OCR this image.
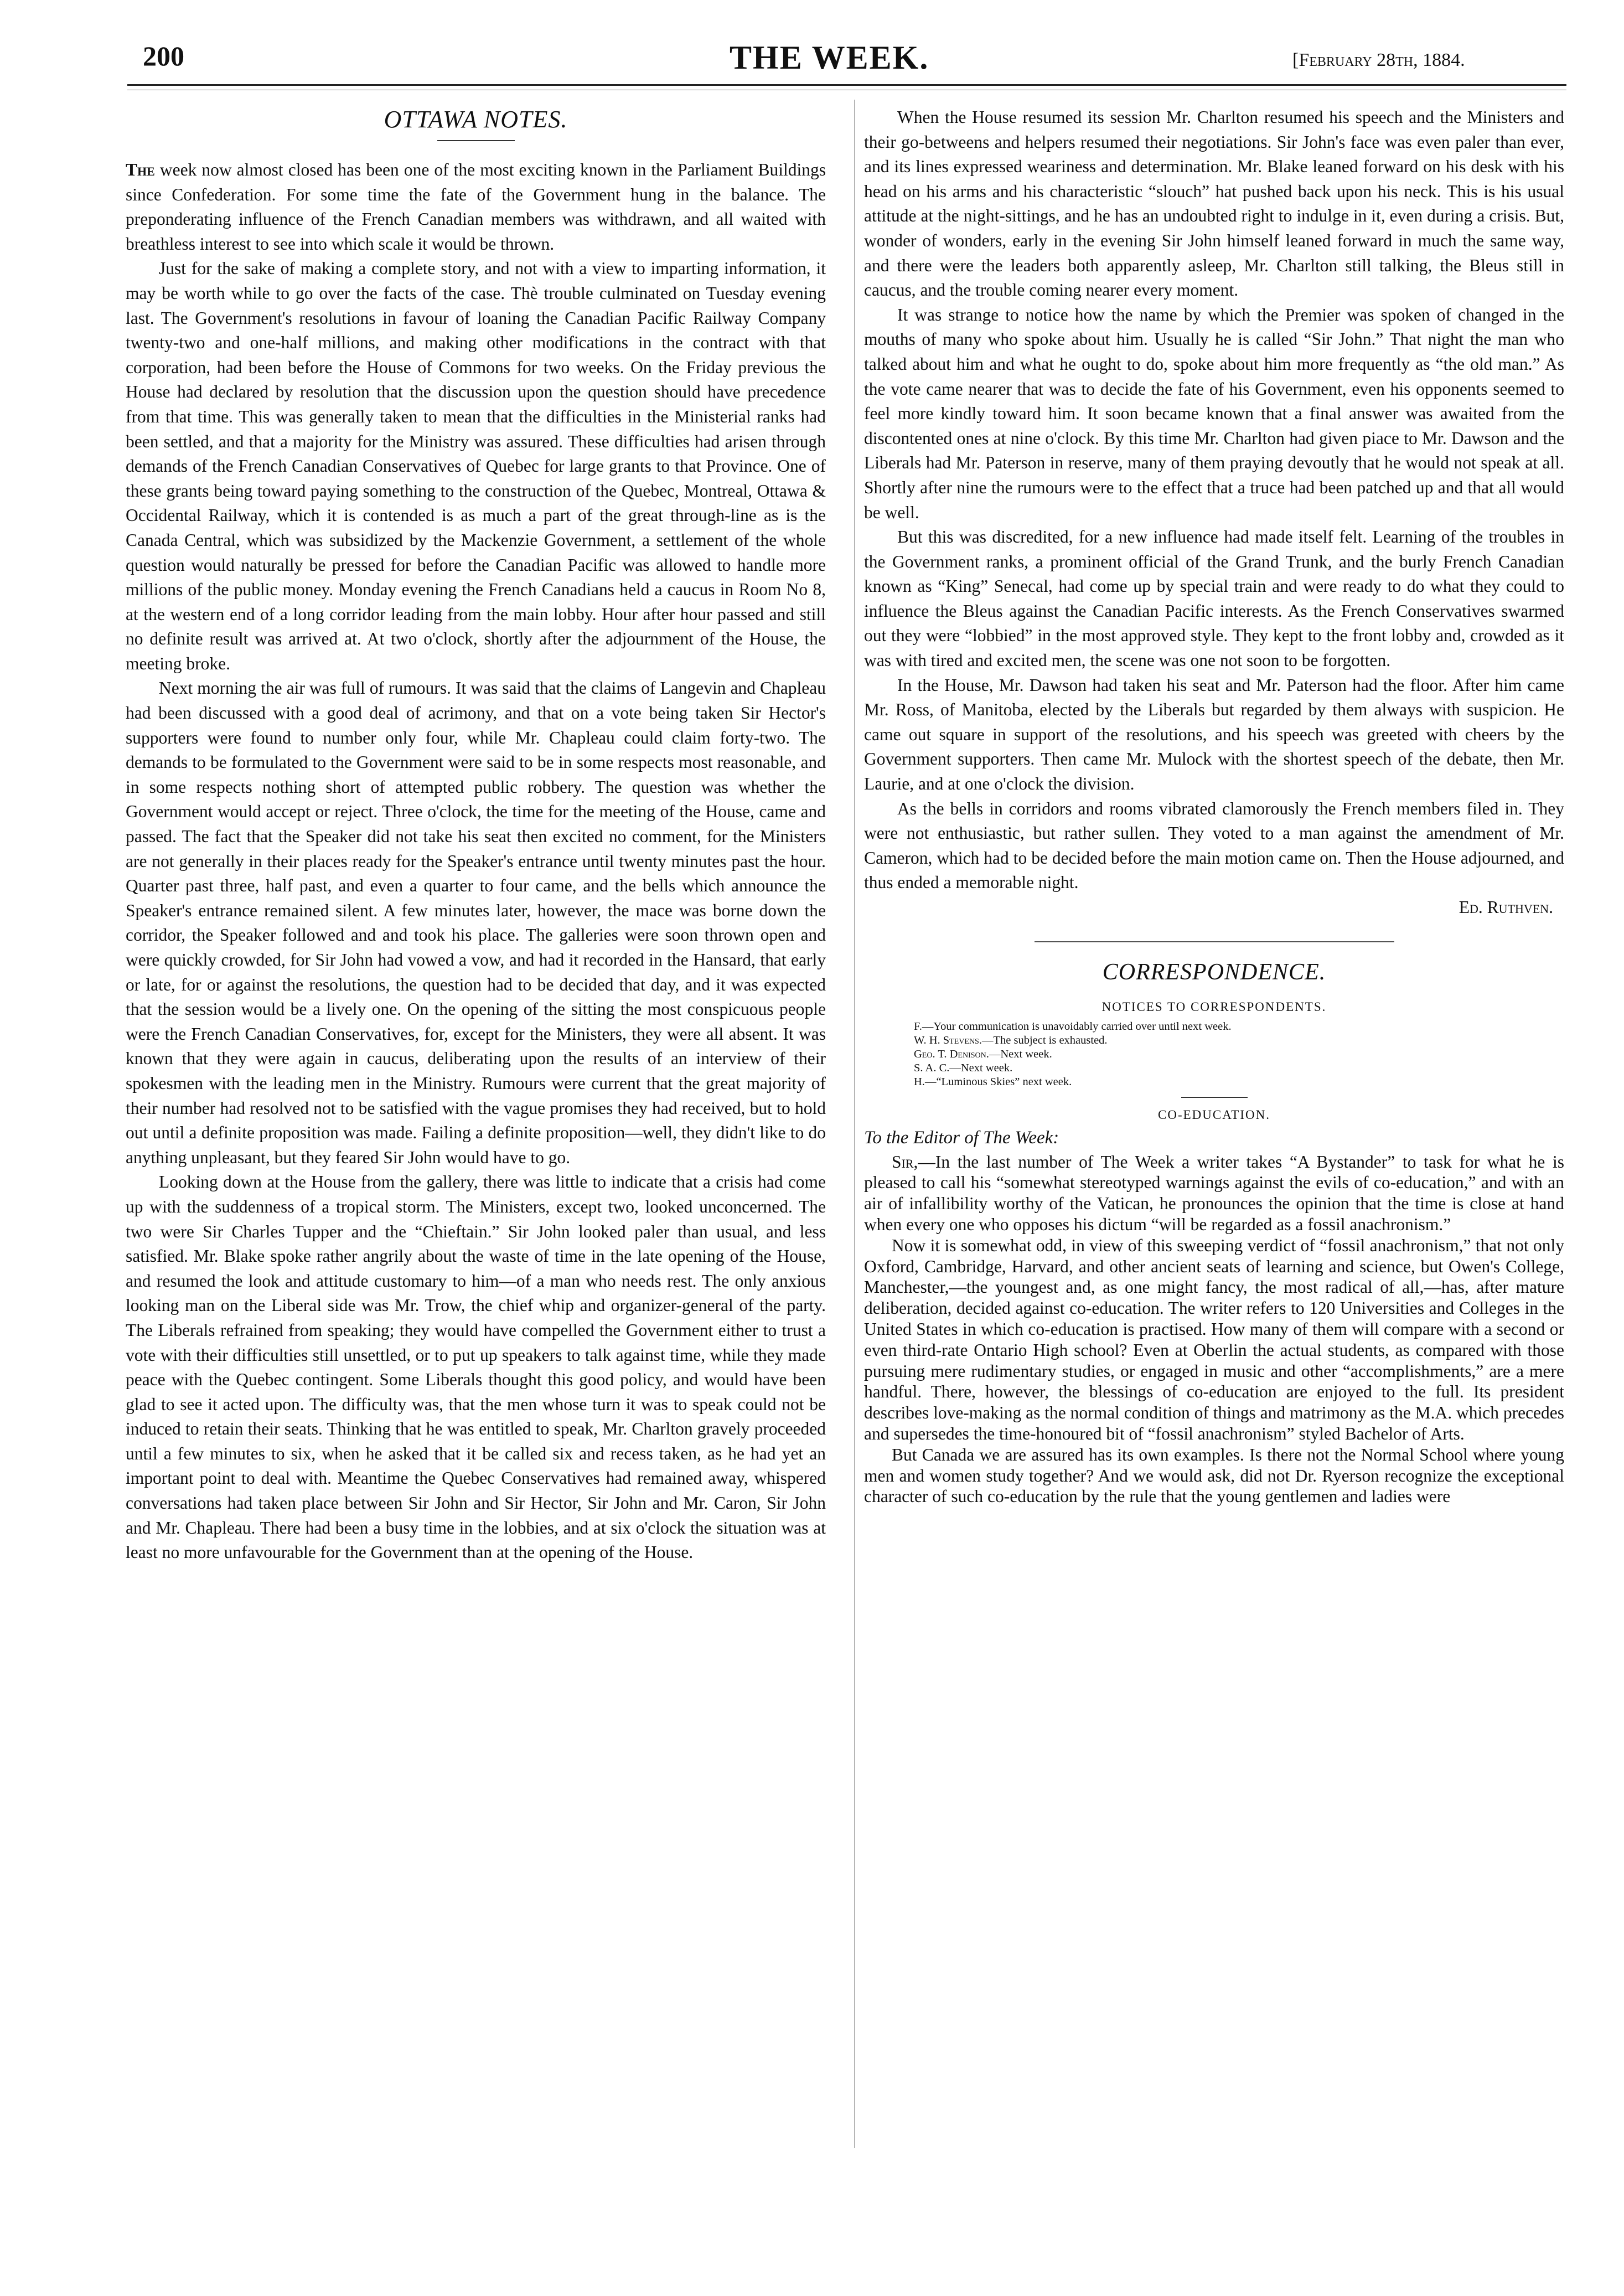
200	THE WEEK.	[February 28th, 1884.
OTTAWA NOTES.

The week now almost closed has been one of the most exciting known in the Parliament Buildings since Confederation. For some time the fate of the Government hung in the balance. The preponderating influence of the French Canadian members was withdrawn, and all waited with breathless interest to see into which scale it would be thrown.

Just for the sake of making a complete story, and not with a view to imparting information, it may be worth while to go over the facts of the case. Thè trouble culminated on Tuesday evening last. The Government's resolutions in favour of loaning the Canadian Pacific Railway Company twenty-two and one-half millions, and making other modifications in the contract with that corporation, had been before the House of Commons for two weeks. On the Friday previous the House had declared by resolution that the discussion upon the question should have precedence from that time. This was generally taken to mean that the difficulties in the Ministerial ranks had been settled, and that a majority for the Ministry was assured. These difficulties had arisen through demands of the French Canadian Conservatives of Quebec for large grants to that Province. One of these grants being toward paying something to the construction of the Quebec, Montreal, Ottawa & Occidental Railway, which it is contended is as much a part of the great through-line as is the Canada Central, which was subsidized by the Mackenzie Government, a settlement of the whole question would naturally be pressed for before the Canadian Pacific was allowed to handle more millions of the public money. Monday evening the French Canadians held a caucus in Room No 8, at the western end of a long corridor leading from the main lobby. Hour after hour passed and still no definite result was arrived at. At two o'clock, shortly after the adjournment of the House, the meeting broke.

Next morning the air was full of rumours. It was said that the claims of Langevin and Chapleau had been discussed with a good deal of acrimony, and that on a vote being taken Sir Hector's supporters were found to number only four, while Mr. Chapleau could claim forty-two. The demands to be formulated to the Government were said to be in some respects most reasonable, and in some respects nothing short of attempted public robbery. The question was whether the Government would accept or reject. Three o'clock, the time for the meeting of the House, came and passed. The fact that the Speaker did not take his seat then excited no comment, for the Ministers are not generally in their places ready for the Speaker's entrance until twenty minutes past the hour. Quarter past three, half past, and even a quarter to four came, and the bells which announce the Speaker's entrance remained silent. A few minutes later, however, the mace was borne down the corridor, the Speaker followed and and took his place. The galleries were soon thrown open and were quickly crowded, for Sir John had vowed a vow, and had it recorded in the Hansard, that early or late, for or against the resolutions, the question had to be decided that day, and it was expected that the session would be a lively one. On the opening of the sitting the most conspicuous people were the French Canadian Conservatives, for, except for the Ministers, they were all absent. It was known that they were again in caucus, deliberating upon the results of an interview of their spokesmen with the leading men in the Ministry. Rumours were current that the great majority of their number had resolved not to be satisfied with the vague promises they had received, but to hold out until a definite proposition was made. Failing a definite proposition—well, they didn't like to do anything unpleasant, but they feared Sir John would have to go.

Looking down at the House from the gallery, there was little to indicate that a crisis had come up with the suddenness of a tropical storm. The Ministers, except two, looked unconcerned. The two were Sir Charles Tupper and the “Chieftain.” Sir John looked paler than usual, and less satisfied. Mr. Blake spoke rather angrily about the waste of time in the late opening of the House, and resumed the look and attitude customary to him—of a man who needs rest. The only anxious looking man on the Liberal side was Mr. Trow, the chief whip and organizer-general of the party. The Liberals refrained from speaking; they would have compelled the Government either to trust a vote with their difficulties still unsettled, or to put up speakers to talk against time, while they made peace with the Quebec contingent. Some Liberals thought this good policy, and would have been glad to see it acted upon. The difficulty was, that the men whose turn it was to speak could not be induced to retain their seats. Thinking that he was entitled to speak, Mr. Charlton gravely proceeded until a few minutes to six, when he asked that it be called six and recess taken, as he had yet an important point to deal with. Meantime the Quebec Conservatives had remained away, whispered conversations had taken place between Sir John and Sir Hector, Sir John and Mr. Caron, Sir John and Mr. Chapleau. There had been a busy time in the lobbies, and at six o'clock the situation was at least no more unfavourable for the Government than at the opening of the House.

When the House resumed its session Mr. Charlton resumed his speech and the Ministers and their go-betweens and helpers resumed their negotiations. Sir John's face was even paler than ever, and its lines expressed weariness and determination. Mr. Blake leaned forward on his desk with his head on his arms and his characteristic “slouch” hat pushed back upon his neck. This is his usual attitude at the night-sittings, and he has an undoubted right to indulge in it, even during a crisis. But, wonder of wonders, early in the evening Sir John himself leaned forward in much the same way, and there were the leaders both apparently asleep, Mr. Charlton still talking, the Bleus still in caucus, and the trouble coming nearer every moment.

It was strange to notice how the name by which the Premier was spoken of changed in the mouths of many who spoke about him. Usually he is called “Sir John.” That night the man who talked about him and what he ought to do, spoke about him more frequently as “the old man.” As the vote came nearer that was to decide the fate of his Government, even his opponents seemed to feel more kindly toward him. It soon became known that a final answer was awaited from the discontented ones at nine o'clock. By this time Mr. Charlton had given piace to Mr. Dawson and the Liberals had Mr. Paterson in reserve, many of them praying devoutly that he would not speak at all. Shortly after nine the rumours were to the effect that a truce had been patched up and that all would be well.

But this was discredited, for a new influence had made itself felt. Learning of the troubles in the Government ranks, a prominent official of the Grand Trunk, and the burly French Canadian known as “King” Senecal, had come up by special train and were ready to do what they could to influence the Bleus against the Canadian Pacific interests. As the French Conservatives swarmed out they were “lobbied” in the most approved style. They kept to the front lobby and, crowded as it was with tired and excited men, the scene was one not soon to be forgotten.

In the House, Mr. Dawson had taken his seat and Mr. Paterson had the floor. After him came Mr. Ross, of Manitoba, elected by the Liberals but regarded by them always with suspicion. He came out square in support of the resolutions, and his speech was greeted with cheers by the Government supporters. Then came Mr. Mulock with the shortest speech of the debate, then Mr. Laurie, and at one o'clock the division.

As the bells in corridors and rooms vibrated clamorously the French members filed in. They were not enthusiastic, but rather sullen. They voted to a man against the amendment of Mr. Cameron, which had to be decided before the main motion came on. Then the House adjourned, and thus ended a memorable night.

Ed. Ruthven.
CORRESPONDENCE.
NOTICES TO CORRESPONDENTS.
F.—Your communication is unavoidably carried over until next week.
W. H. Stevens.—The subject is exhausted.
Geo. T. Denison.—Next week.
S. A. C.—Next week.
H.—“Luminous Skies” next week.
CO-EDUCATION.
To the Editor of The Week:

Sir,—In the last number of The Week a writer takes “A Bystander” to task for what he is pleased to call his “somewhat stereotyped warnings against the evils of co-education,” and with an air of infallibility worthy of the Vatican, he pronounces the opinion that the time is close at hand when every one who opposes his dictum “will be regarded as a fossil anachronism.”

Now it is somewhat odd, in view of this sweeping verdict of “fossil anachronism,” that not only Oxford, Cambridge, Harvard, and other ancient seats of learning and science, but Owen's College, Manchester,—the youngest and, as one might fancy, the most radical of all,—has, after mature deliberation, decided against co-education. The writer refers to 120 Universities and Colleges in the United States in which co-education is practised. How many of them will compare with a second or even third-rate Ontario High school? Even at Oberlin the actual students, as compared with those pursuing mere rudimentary studies, or engaged in music and other “accomplishments,” are a mere handful. There, however, the blessings of co-education are enjoyed to the full. Its president describes love-making as the normal condition of things and matrimony as the M.A. which precedes and supersedes the time-honoured bit of “fossil anachronism” styled Bachelor of Arts.

But Canada we are assured has its own examples. Is there not the Normal School where young men and women study together? And we would ask, did not Dr. Ryerson recognize the exceptional character of such co-education by the rule that the young gentlemen and ladies were
